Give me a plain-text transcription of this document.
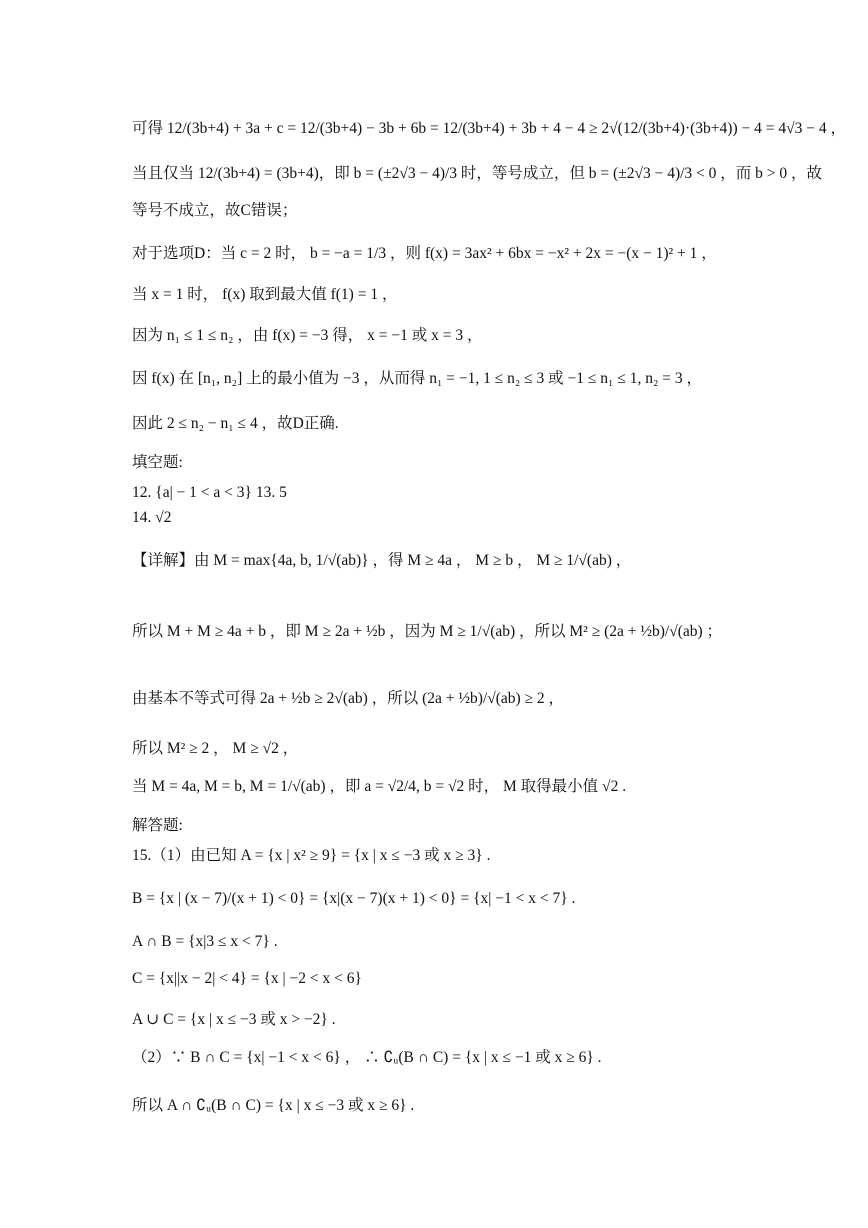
可得 12/(3b+4) + 3a + c = 12/(3b+4) − 3b + 6b = 12/(3b+4) + 3b + 4 − 4 ≥ 2√(12/(3b+4)·(3b+4)) − 4 = 4√3 − 4 ，
当且仅当 12/(3b+4) = (3b+4)，即 b = (±2√3 − 4)/3 时，等号成立，但 b = (±2√3 − 4)/3 < 0 ，而 b > 0 ，故
等号不成立，故C错误；
对于选项D：当 c = 2 时， b = −a = 1/3 ，则 f(x) = 3ax² + 6bx = −x² + 2x = −(x − 1)² + 1 ，
当 x = 1 时， f(x) 取到最大值 f(1) = 1 ，
因为 n₁ ≤ 1 ≤ n₂ ，由 f(x) = −3 得， x = −1 或 x = 3 ，
因 f(x) 在 [n₁, n₂] 上的最小值为 −3 ，从而得 n₁ = −1, 1 ≤ n₂ ≤ 3 或 −1 ≤ n₁ ≤ 1, n₂ = 3 ，
因此 2 ≤ n₂ − n₁ ≤ 4 ，故D正确.
填空题:
12. {a| − 1 < a < 3} 13. 5
14. √2
【详解】由 M = max{4a, b, 1/√(ab)} ，得 M ≥ 4a ， M ≥ b ， M ≥ 1/√(ab) ，
所以 M + M ≥ 4a + b ，即 M ≥ 2a + ½b ，因为 M ≥ 1/√(ab) ，所以 M² ≥ (2a + ½b)/√(ab) ；
由基本不等式可得 2a + ½b ≥ 2√(ab) ，所以 (2a + ½b)/√(ab) ≥ 2 ，
所以 M² ≥ 2 ， M ≥ √2 ，
当 M = 4a, M = b, M = 1/√(ab) ，即 a = √2/4, b = √2 时， M 取得最小值 √2 .
解答题:
15.（1）由已知 A = {x | x² ≥ 9} = {x | x ≤ −3 或 x ≥ 3} .
B = {x | (x − 7)/(x + 1) < 0} = {x|(x − 7)(x + 1) < 0} = {x| −1 < x < 7} .
A ∩ B = {x|3 ≤ x < 7} .
C = {x||x − 2| < 4} = {x | −2 < x < 6}
A ∪ C = {x | x ≤ −3 或 x > −2} .
（2）∵ B ∩ C = {x| −1 < x < 6} ， ∴ ∁ᵤ(B ∩ C) = {x | x ≤ −1 或 x ≥ 6} .
所以 A ∩ ∁ᵤ(B ∩ C) = {x | x ≤ −3 或 x ≥ 6} .
